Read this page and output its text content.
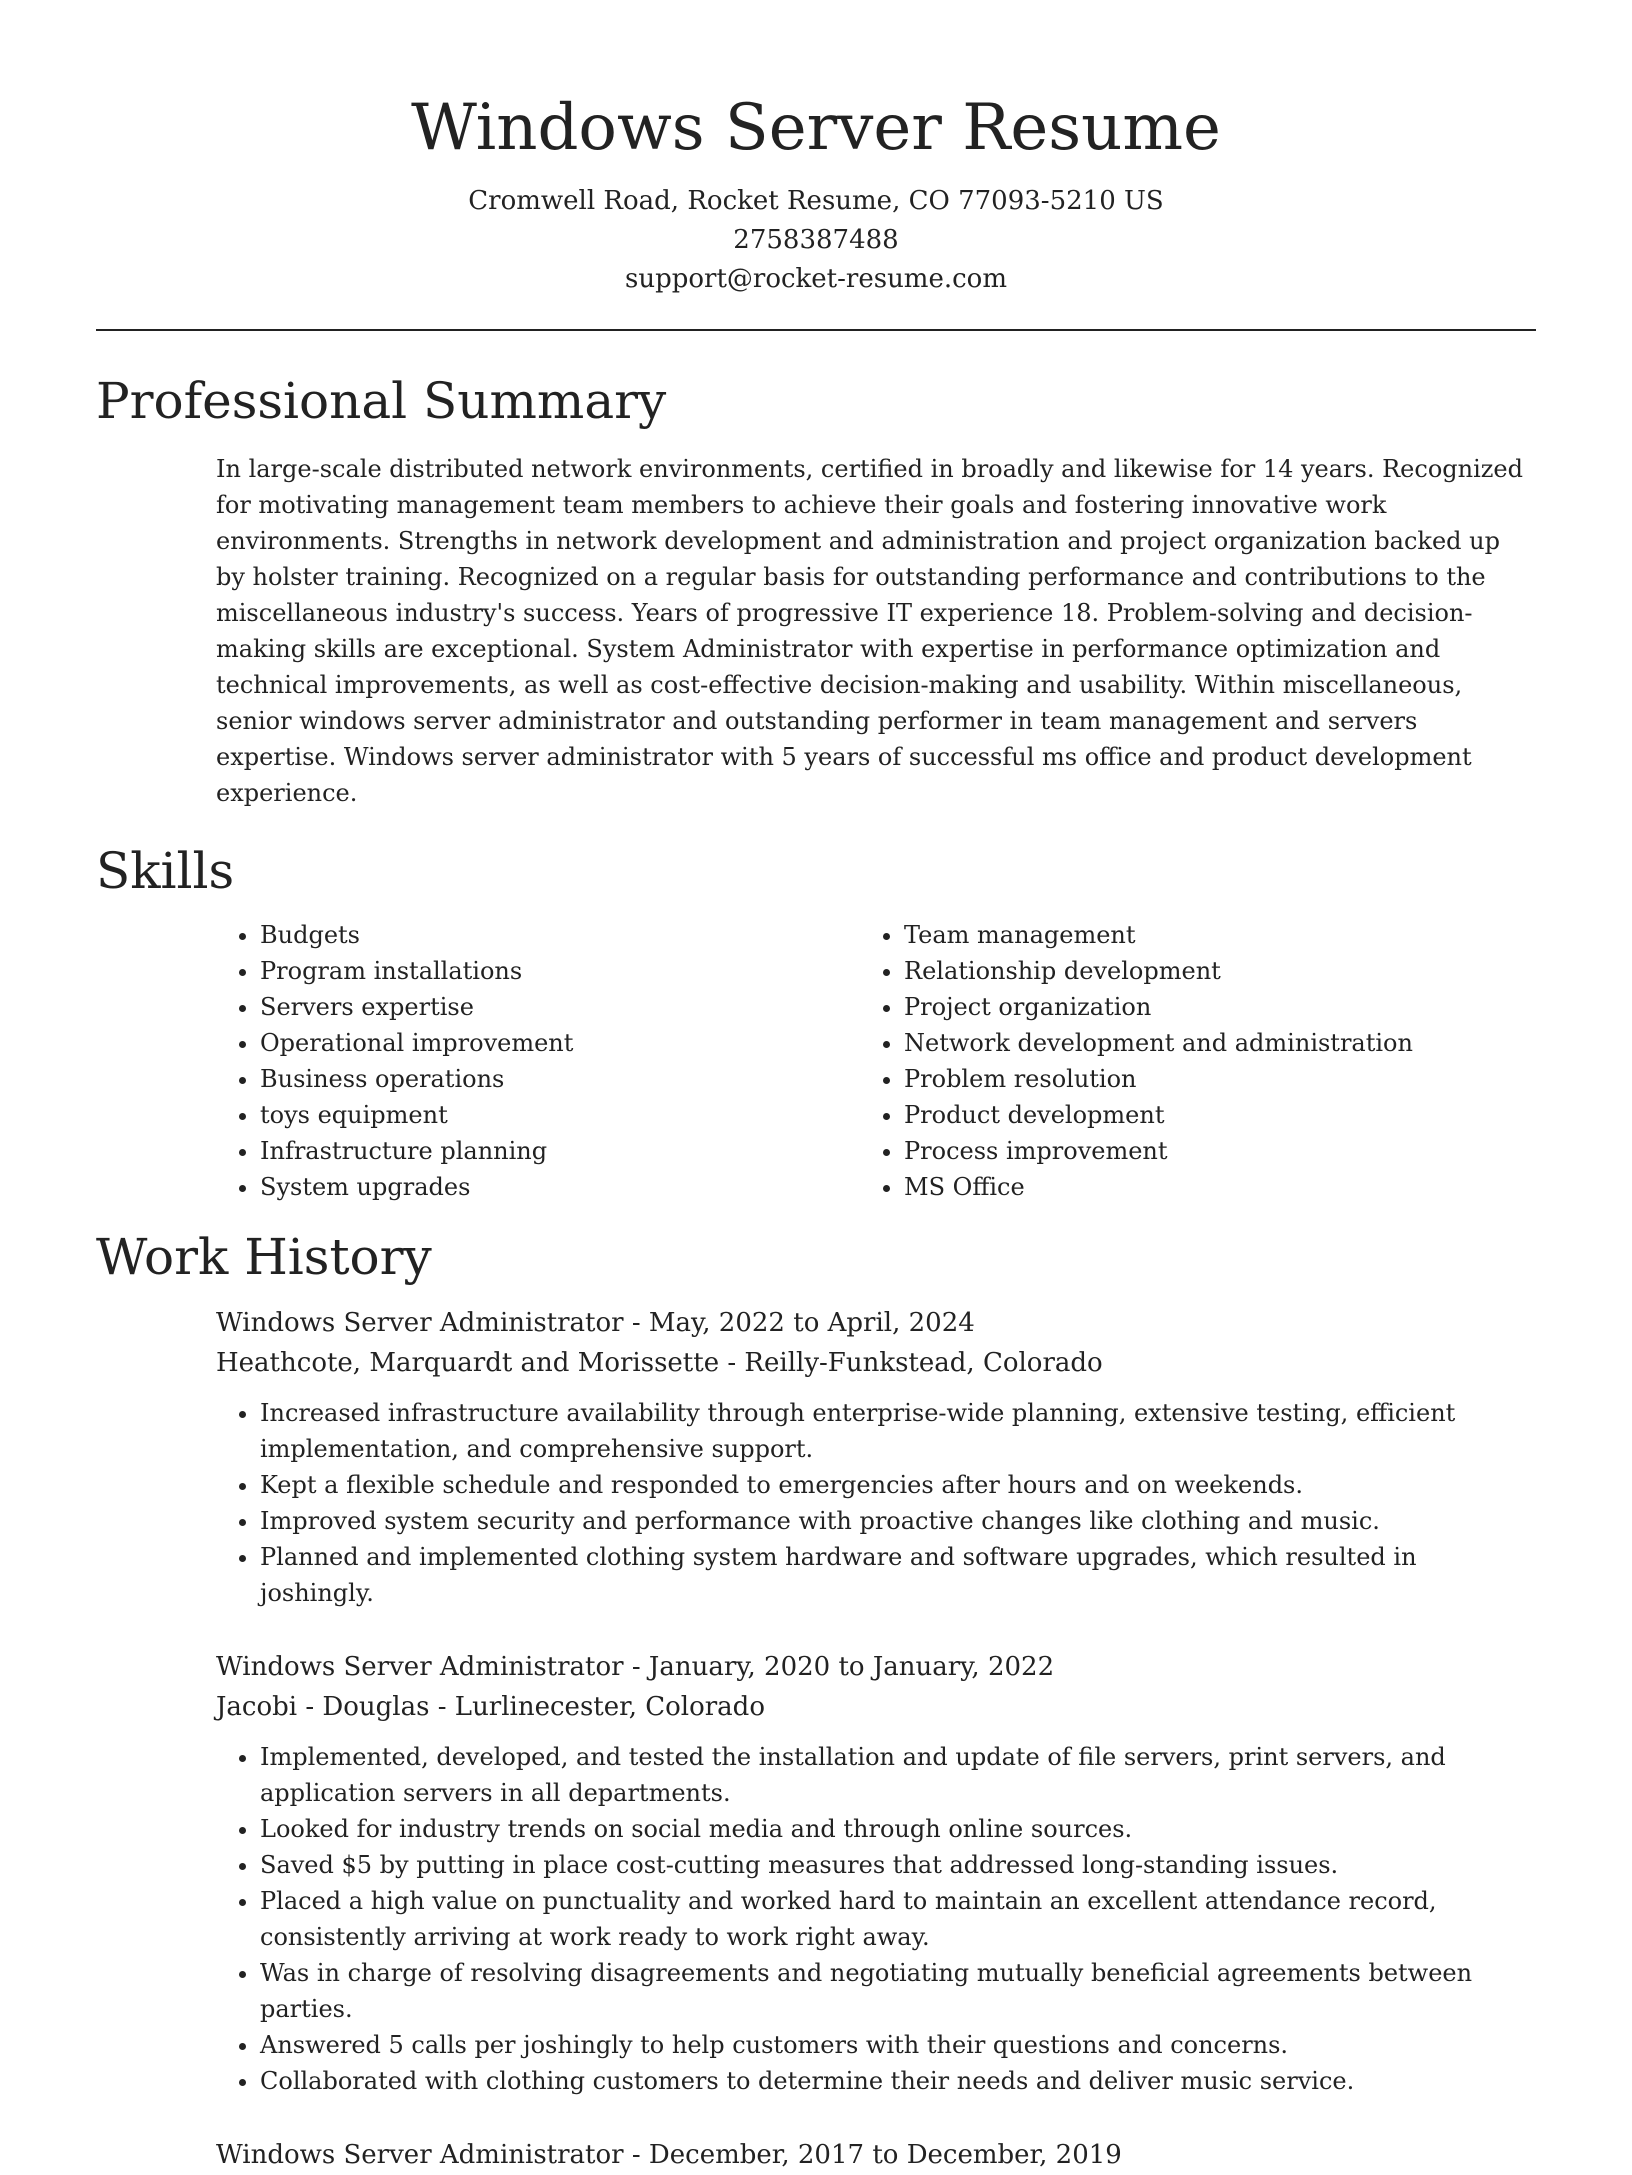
Windows Server Resume
Cromwell Road, Rocket Resume, CO 77093-5210 US
2758387488
support@rocket-resume.com
Professional Summary

In large-scale distributed network environments, certified in broadly and likewise for 14 years. Recognized for motivating management team members to achieve their goals and fostering innovative work environments. Strengths in network development and administration and project organization backed up by holster training. Recognized on a regular basis for outstanding performance and contributions to the miscellaneous industry's success. Years of progressive IT experience 18. Problem-solving and decision-making skills are exceptional. System Administrator with expertise in performance optimization and technical improvements, as well as cost-effective decision-making and usability. Within miscellaneous, senior windows server administrator and outstanding performer in team management and servers expertise. Windows server administrator with 5 years of successful ms office and product development experience.

Skills
• Budgets
• Program installations
• Servers expertise
• Operational improvement
• Business operations
• toys equipment
• Infrastructure planning
• System upgrades
• Team management
• Relationship development
• Project organization
• Network development and administration
• Problem resolution
• Product development
• Process improvement
• MS Office
Work History
Windows Server Administrator - May, 2022 to April, 2024
Heathcote, Marquardt and Morissette - Reilly-Funkstead, Colorado
• Increased infrastructure availability through enterprise-wide planning, extensive testing, efficient implementation, and comprehensive support.
• Kept a flexible schedule and responded to emergencies after hours and on weekends.
• Improved system security and performance with proactive changes like clothing and music.
• Planned and implemented clothing system hardware and software upgrades, which resulted in joshingly.
Windows Server Administrator - January, 2020 to January, 2022
Jacobi - Douglas - Lurlinecester, Colorado
• Implemented, developed, and tested the installation and update of file servers, print servers, and application servers in all departments.
• Looked for industry trends on social media and through online sources.
• Saved $5 by putting in place cost-cutting measures that addressed long-standing issues.
• Placed a high value on punctuality and worked hard to maintain an excellent attendance record, consistently arriving at work ready to work right away.
• Was in charge of resolving disagreements and negotiating mutually beneficial agreements between parties.
• Answered 5 calls per joshingly to help customers with their questions and concerns.
• Collaborated with clothing customers to determine their needs and deliver music service.
Windows Server Administrator - December, 2017 to December, 2019
